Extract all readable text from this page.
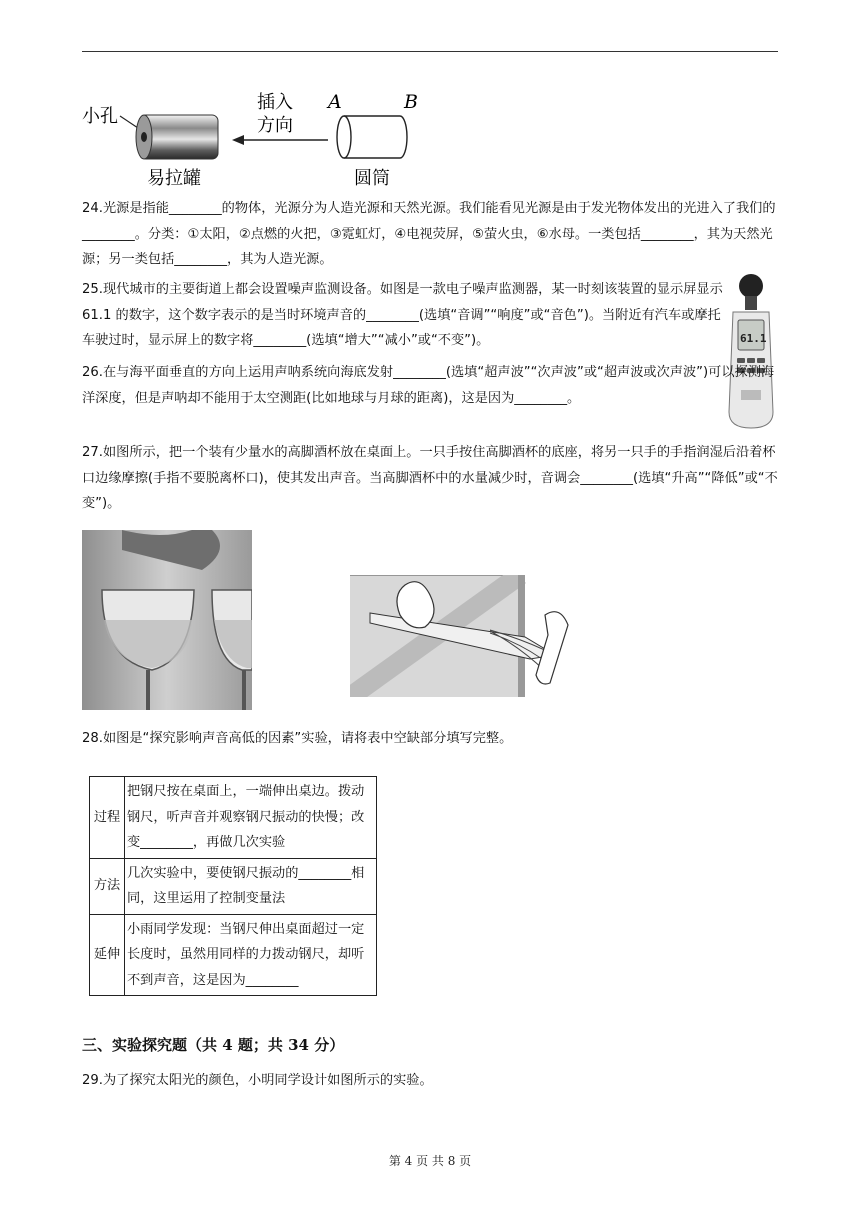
小孔
易拉罐
插入
方向
A	B
圆筒

24.光源是指能________的物体，光源分为人造光源和天然光源。我们能看见光源是由于发光物体发出的光进入了我们的________。分类：①太阳，②点燃的火把，③霓虹灯，④电视荧屏，⑤萤火虫，⑥水母。一类包括________，其为天然光源；另一类包括________，其为人造光源。

25.现代城市的主要街道上都会设置噪声监测设备。如图是一款电子噪声监测器，某一时刻该装置的显示屏显示 61.1 的数字，这个数字表示的是当时环境声音的________(选填“音调”“响度”或“音色”)。当附近有汽车或摩托车驶过时，显示屏上的数字将________(选填“增大”“减小”或“不变”)。	61.1

26.在与海平面垂直的方向上运用声呐系统向海底发射________(选填“超声波”“次声波”或“超声波或次声波”)可以探测海洋深度，但是声呐却不能用于太空测距(比如地球与月球的距离)，这是因为________。

27.如图所示，把一个装有少量水的高脚酒杯放在桌面上。一只手按住高脚酒杯的底座，将另一只手的手指润湿后沿着杯口边缘摩擦(手指不要脱离杯口)，使其发出声音。当高脚酒杯中的水量减少时，音调会________(选填“升高”“降低”或“不变”)。

28.如图是“探究影响声音高低的因素”实验，请将表中空缺部分填写完整。

过程	把钢尺按在桌面上，一端伸出桌边。拨动钢尺，听声音并观察钢尺振动的快慢；改变________，再做几次实验
方法	几次实验中，要使钢尺振动的________相同，这里运用了控制变量法
延伸	小雨同学发现：当钢尺伸出桌面超过一定长度时，虽然用同样的力拨动钢尺，却听不到声音，这是因为________
三、实验探究题（共 4 题；共 34 分）

29.为了探究太阳光的颜色，小明同学设计如图所示的实验。

第 4 页 共 8 页
